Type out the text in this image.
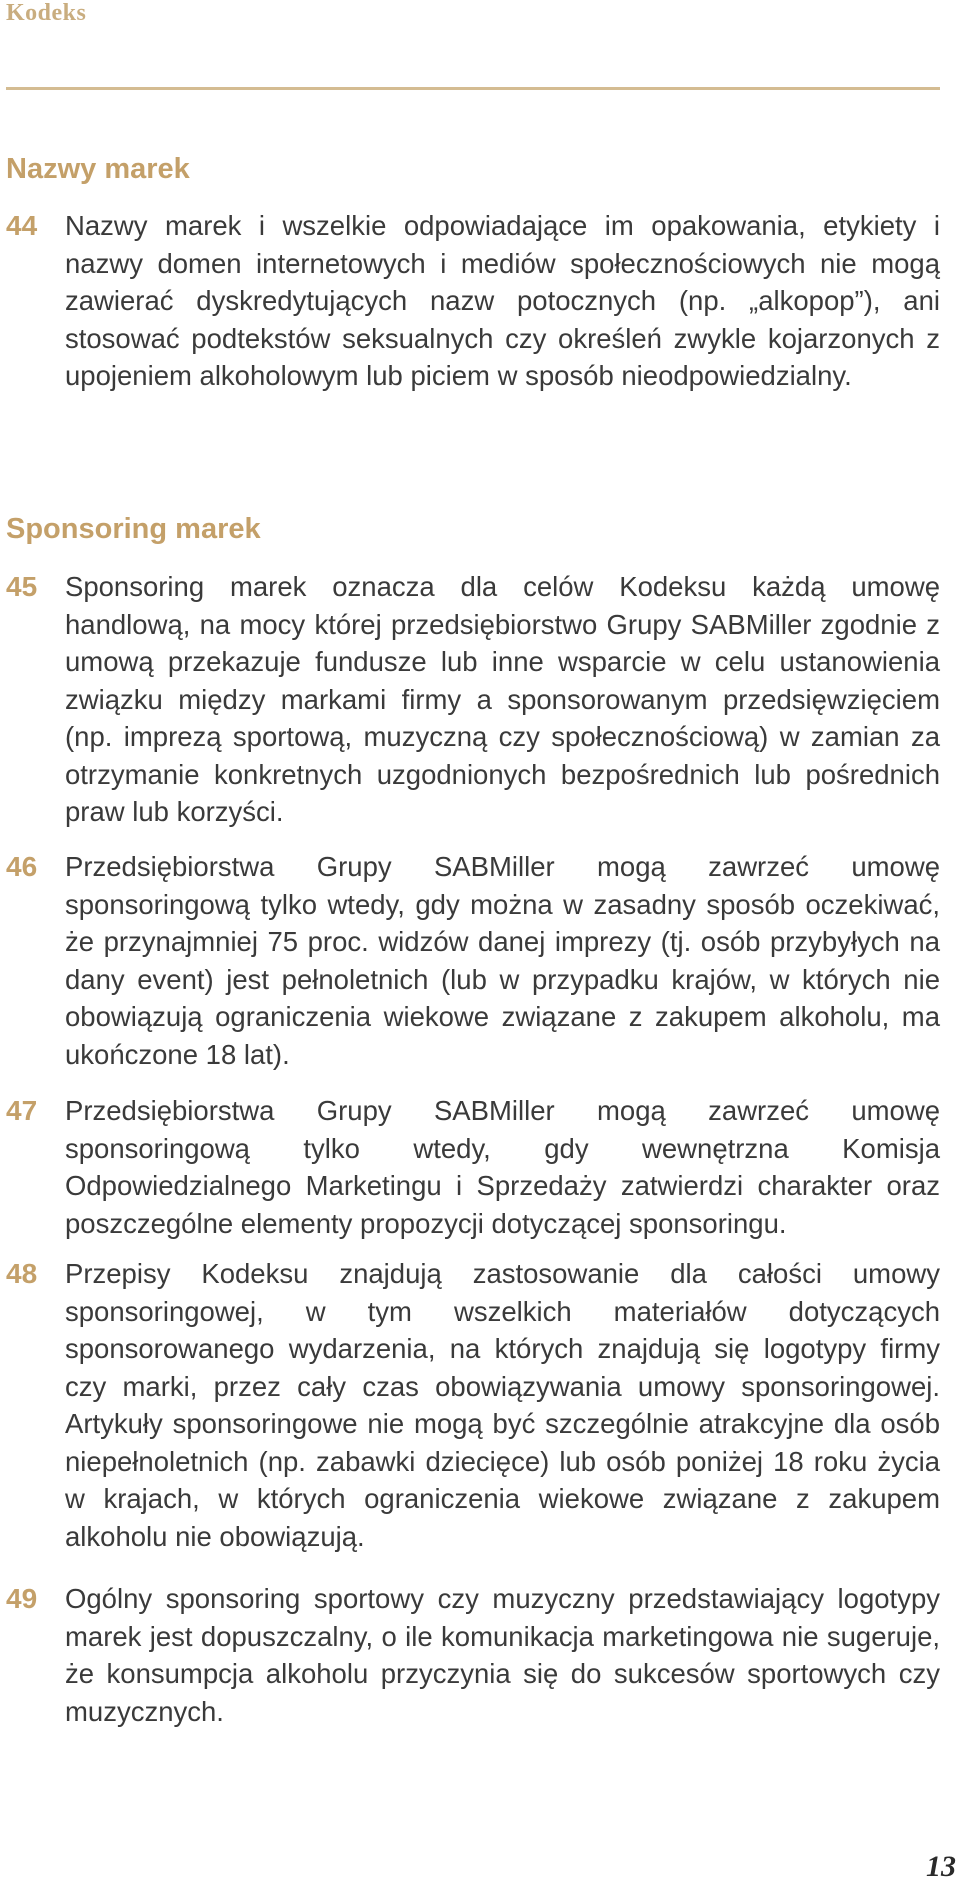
Kodeks
Nazwy marek
44 Nazwy marek i wszelkie odpowiadające im opakowania, etykiety i nazwy domen internetowych i mediów społecznościowych nie mogą zawierać dyskredytujących nazw potocznych (np. „alkopop”), ani stosować podtekstów seksualnych czy określeń zwykle kojarzonych z upojeniem alkoholowym lub piciem w sposób nieodpowiedzialny.

Sponsoring marek
45 Sponsoring marek oznacza dla celów Kodeksu każdą umowę handlową, na mocy której przedsiębiorstwo Grupy SABMiller zgodnie z umową przekazuje fundusze lub inne wsparcie w celu ustanowienia związku między markami firmy a sponsorowanym przedsięwzięciem (np. imprezą sportową, muzyczną czy społecznościową) w zamian za otrzymanie konkretnych uzgodnionych bezpośrednich lub pośrednich praw lub korzyści.

46 Przedsiębiorstwa Grupy SABMiller mogą zawrzeć umowę sponsoringową tylko wtedy, gdy można w zasadny sposób oczekiwać, że przynajmniej 75 proc. widzów danej imprezy (tj. osób przybyłych na dany event) jest pełnoletnich (lub w przypadku krajów, w których nie obowiązują ograniczenia wiekowe związane z zakupem alkoholu, ma ukończone 18 lat).

47 Przedsiębiorstwa Grupy SABMiller mogą zawrzeć umowę sponsoringową tylko wtedy, gdy wewnętrzna Komisja Odpowiedzialnego Marketingu i Sprzedaży zatwierdzi charakter oraz poszczególne elementy propozycji dotyczącej sponsoringu.

48 Przepisy Kodeksu znajdują zastosowanie dla całości umowy sponsoringowej, w tym wszelkich materiałów dotyczących sponsorowanego wydarzenia, na których znajdują się logotypy firmy czy marki, przez cały czas obowiązywania umowy sponsoringowej. Artykuły sponsoringowe nie mogą być szczególnie atrakcyjne dla osób niepełnoletnich (np. zabawki dziecięce) lub osób poniżej 18 roku życia w krajach, w których ograniczenia wiekowe związane z zakupem alkoholu nie obowiązują.

49 Ogólny sponsoring sportowy czy muzyczny przedstawiający logotypy marek jest dopuszczalny, o ile komunikacja marketingowa nie sugeruje, że konsumpcja alkoholu przyczynia się do sukcesów sportowych czy muzycznych.

13
